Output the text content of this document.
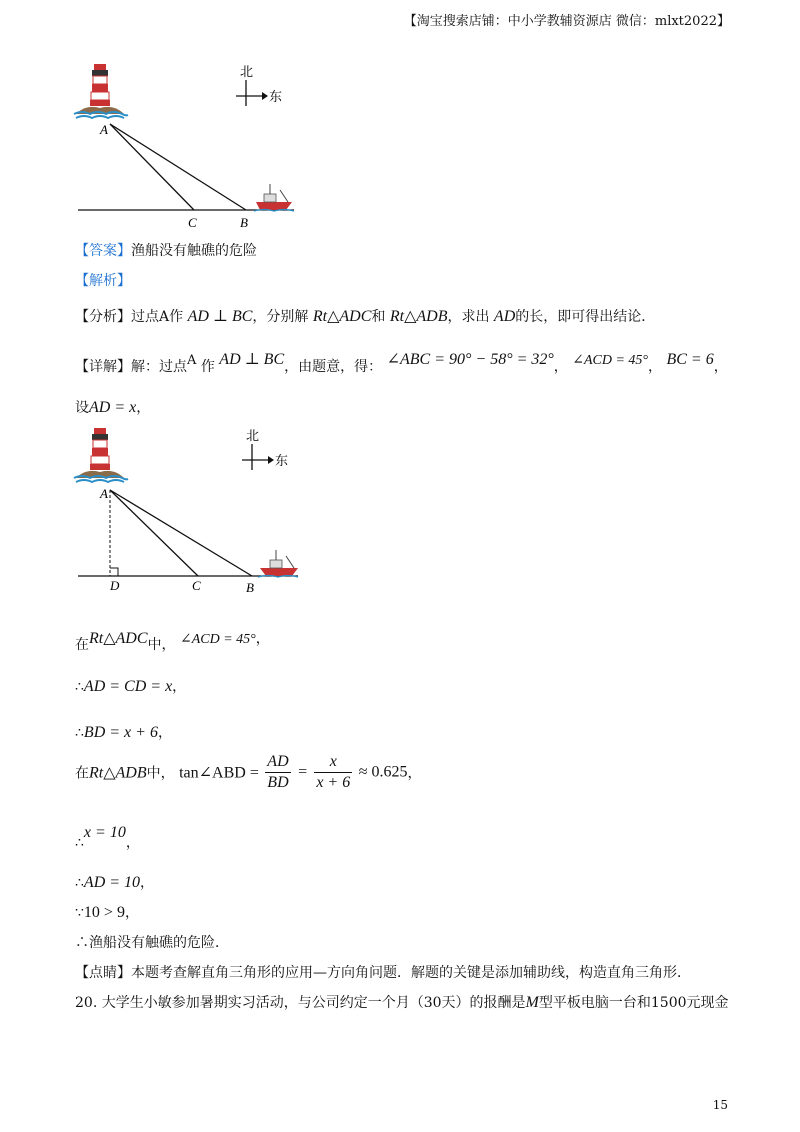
【淘宝搜索店铺：中小学教辅资源店 微信：mlxt2022】
A
C	B
北
东
【答案】渔船没有触礁的危险
【解析】
【分析】过点A作 AD ⊥ BC，分别解 Rt△ADC和 Rt△ADB，求出 AD的长，即可得出结论．
【详解】解：过点A 作 AD ⊥ BC，由题意，得： ∠ABC = 90° − 58° = 32°， ∠ACD = 45°， BC = 6，
设AD = x，
A
D	C	B
北
东
在Rt△ADC中， ∠ACD = 45°，
∴AD = CD = x，
∴BD = x + 6，
在Rt△ADB中， tan∠ABD = $\frac{AD}{BD} = \frac{x}{x + 6} \approx 0.625$，
∴x = 10，
∴AD = 10，
∵10 > 9，
∴渔船没有触礁的危险．
【点睛】本题考查解直角三角形的应用—方向角问题．解题的关键是添加辅助线，构造直角三角形．
20. 大学生小敏参加暑期实习活动，与公司约定一个月（30天）的报酬是M型平板电脑一台和1500元现金
15
